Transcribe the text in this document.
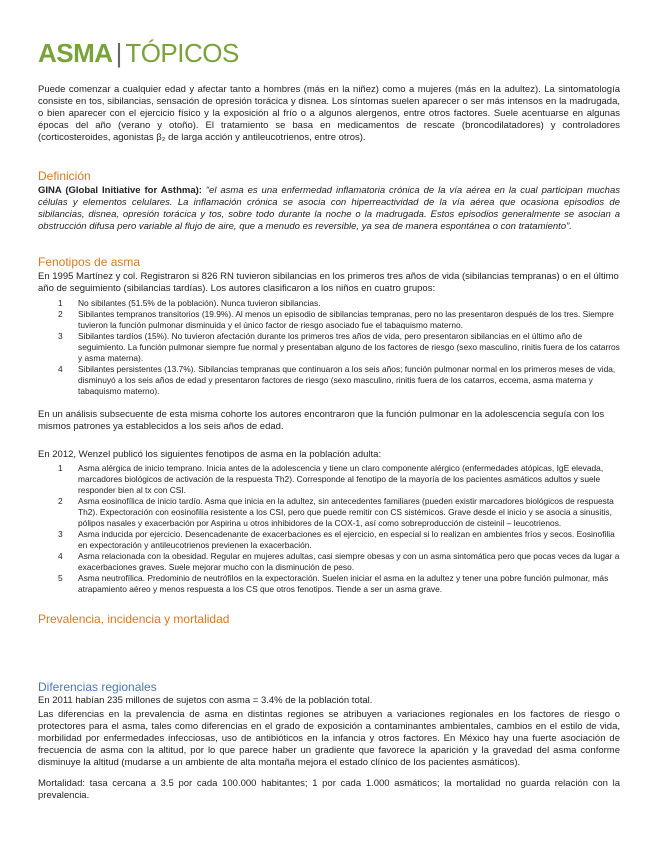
ASMA | TÓPICOS

Puede comenzar a cualquier edad y afectar tanto a hombres (más en la niñez) como a mujeres (más en la adultez). La sintomatología consiste en tos, sibilancias, sensación de opresión torácica y disnea. Los síntomas suelen aparecer o ser más intensos en la madrugada, o bien aparecer con el ejercicio físico y la exposición al frío o a algunos alergenos, entre otros factores. Suele acentuarse en algunas épocas del año (verano y otoño). El tratamiento se basa en medicamentos de rescate (broncodilatadores) y controladores (corticosteroides, agonistas β₂ de larga acción y antileucotrienos, entre otros).

Definición

GINA (Global Initiative for Asthma): “el asma es una enfermedad inflamatoria crónica de la vía aérea en la cual participan muchas células y elementos celulares. La inflamación crónica se asocia con hiperreactividad de la vía aérea que ocasiona episodios de sibilancias, disnea, opresión torácica y tos, sobre todo durante la noche o la madrugada. Estos episodios generalmente se asocian a obstrucción difusa pero variable al flujo de aire, que a menudo es reversible, ya sea de manera espontánea o con tratamiento”.

Fenotipos de asma

En 1995 Martínez y col. Registraron si 826 RN tuvieron sibilancias en los primeros tres años de vida (sibilancias tempranas) o en el último año de seguimiento (sibilancias tardías). Los autores clasificaron a los niños en cuatro grupos:

1 No sibilantes (51.5% de la población). Nunca tuvieron sibilancias.
2 Sibilantes tempranos transitorios (19.9%). Al menos un episodio de sibilancias tempranas, pero no las presentaron después de los tres. Siempre tuvieron la función pulmonar disminuida y el único factor de riesgo asociado fue el tabaquismo materno.
3 Sibilantes tardíos (15%). No tuvieron afectación durante los primeros tres años de vida, pero presentaron sibilancias en el último año de seguimiento. La función pulmonar siempre fue normal y presentaban alguno de los factores de riesgo (sexo masculino, rinitis fuera de los catarros y asma materna).
4 Sibilantes persistentes (13.7%). Sibilancias tempranas que continuaron a los seis años; función pulmonar normal en los primeros meses de vida, disminuyó a los seis años de edad y presentaron factores de riesgo (sexo masculino, rinitis fuera de los catarros, eccema, asma materna y tabaquismo materno).

En un análisis subsecuente de esta misma cohorte los autores encontraron que la función pulmonar en la adolescencia seguía con los mismos patrones ya establecidos a los seis años de edad.

En 2012, Wenzel publicó los siguientes fenotipos de asma en la población adulta:

1 Asma alérgica de inicio temprano. Inicia antes de la adolescencia y tiene un claro componente alérgico (enfermedades atópicas, IgE elevada, marcadores biológicos de activación de la respuesta Th2). Corresponde al fenotipo de la mayoría de los pacientes asmáticos adultos y suele responder bien al tx con CSI.
2 Asma eosinofílica de inicio tardío. Asma que inicia en la adultez, sin antecedentes familiares (pueden existir marcadores biológicos de respuesta Th2). Expectoración con eosinofilia resistente a los CSI, pero que puede remitir con CS sistémicos. Grave desde el inicio y se asocia a sinusitis, pólipos nasales y exacerbación por Aspirina u otros inhibidores de la COX-1, así como sobreproducción de cisteinil – leucotrienos.
3 Asma inducida por ejercicio. Desencadenante de exacerbaciones es el ejercicio, en especial si lo realizan en ambientes fríos y secos. Eosinofilia en expectoración y antileucotrienos previenen la exacerbación.
4 Asma relacionada con la obesidad. Regular en mujeres adultas, casi siempre obesas y con un asma sintomática pero que pocas veces da lugar a exacerbaciones graves. Suele mejorar mucho con la disminución de peso.
5 Asma neutrofílica. Predominio de neutrófilos en la expectoración. Suelen iniciar el asma en la adultez y tener una pobre función pulmonar, más atrapamiento aéreo y menos respuesta a los CS que otros fenotipos. Tiende a ser un asma grave.
Prevalencia, incidencia y mortalidad
Diferencias regionales

En 2011 habían 235 millones de sujetos con asma = 3.4% de la población total.

Las diferencias en la prevalencia de asma en distintas regiones se atribuyen a variaciones regionales en los factores de riesgo o protectores para el asma, tales como diferencias en el grado de exposición a contaminantes ambientales, cambios en el estilo de vida, morbilidad por enfermedades infecciosas, uso de antibióticos en la infancia y otros factores. En México hay una fuerte asociación de frecuencia de asma con la altitud, por lo que parece haber un gradiente que favorece la aparición y la gravedad del asma conforme disminuye la altitud (mudarse a un ambiente de alta montaña mejora el estado clínico de los pacientes asmáticos).

Mortalidad: tasa cercana a 3.5 por cada 100.000 habitantes; 1 por cada 1.000 asmáticos; la mortalidad no guarda relación con la prevalencia.
